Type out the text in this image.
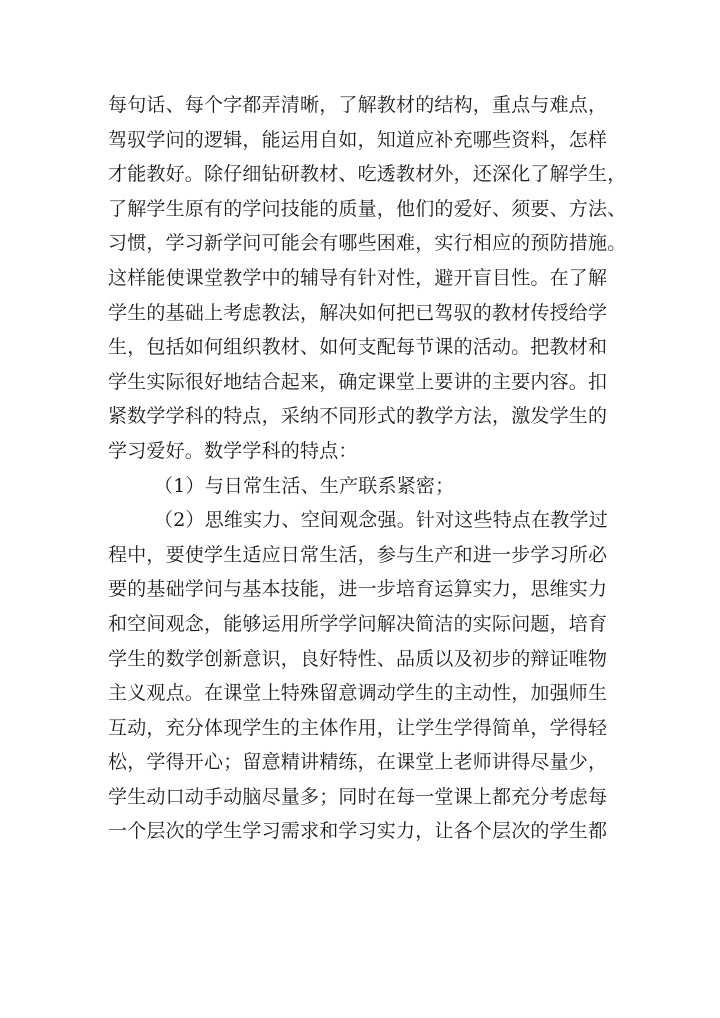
每句话、每个字都弄清晰，了解教材的结构，重点与难点，
驾驭学问的逻辑，能运用自如，知道应补充哪些资料，怎样
才能教好。除仔细钻研教材、吃透教材外，还深化了解学生，
了解学生原有的学问技能的质量，他们的爱好、须要、方法、
习惯，学习新学问可能会有哪些困难，实行相应的预防措施。
这样能使课堂教学中的辅导有针对性，避开盲目性。在了解
学生的基础上考虑教法，解决如何把已驾驭的教材传授给学
生，包括如何组织教材、如何支配每节课的活动。把教材和
学生实际很好地结合起来，确定课堂上要讲的主要内容。扣
紧数学学科的特点，采纳不同形式的教学方法，激发学生的
学习爱好。数学学科的特点：
（1）与日常生活、生产联系紧密；
（2）思维实力、空间观念强。针对这些特点在教学过
程中，要使学生适应日常生活，参与生产和进一步学习所必
要的基础学问与基本技能，进一步培育运算实力，思维实力
和空间观念，能够运用所学学问解决简洁的实际问题，培育
学生的数学创新意识，良好特性、品质以及初步的辩证唯物
主义观点。在课堂上特殊留意调动学生的主动性，加强师生
互动，充分体现学生的主体作用，让学生学得简单，学得轻
松，学得开心；留意精讲精练，在课堂上老师讲得尽量少，
学生动口动手动脑尽量多；同时在每一堂课上都充分考虑每
一个层次的学生学习需求和学习实力，让各个层次的学生都
